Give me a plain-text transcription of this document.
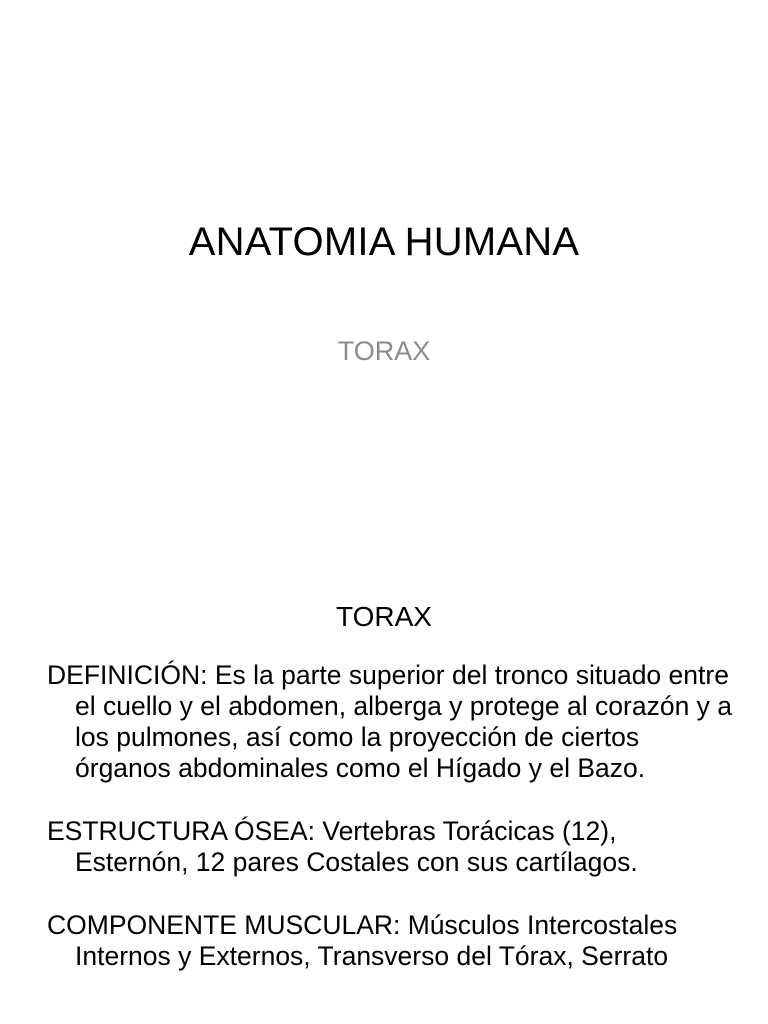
ANATOMIA HUMANA
TORAX
TORAX

DEFINICIÓN: Es la parte superior del tronco situado entre el cuello y el abdomen, alberga y protege al corazón y a los pulmones, así como la proyección de ciertos órganos abdominales como el Hígado y el Bazo.

ESTRUCTURA ÓSEA: Vertebras Torácicas (12), Esternón, 12 pares Costales con sus cartílagos.

COMPONENTE MUSCULAR: Músculos Intercostales Internos y Externos, Transverso del Tórax, Serrato
